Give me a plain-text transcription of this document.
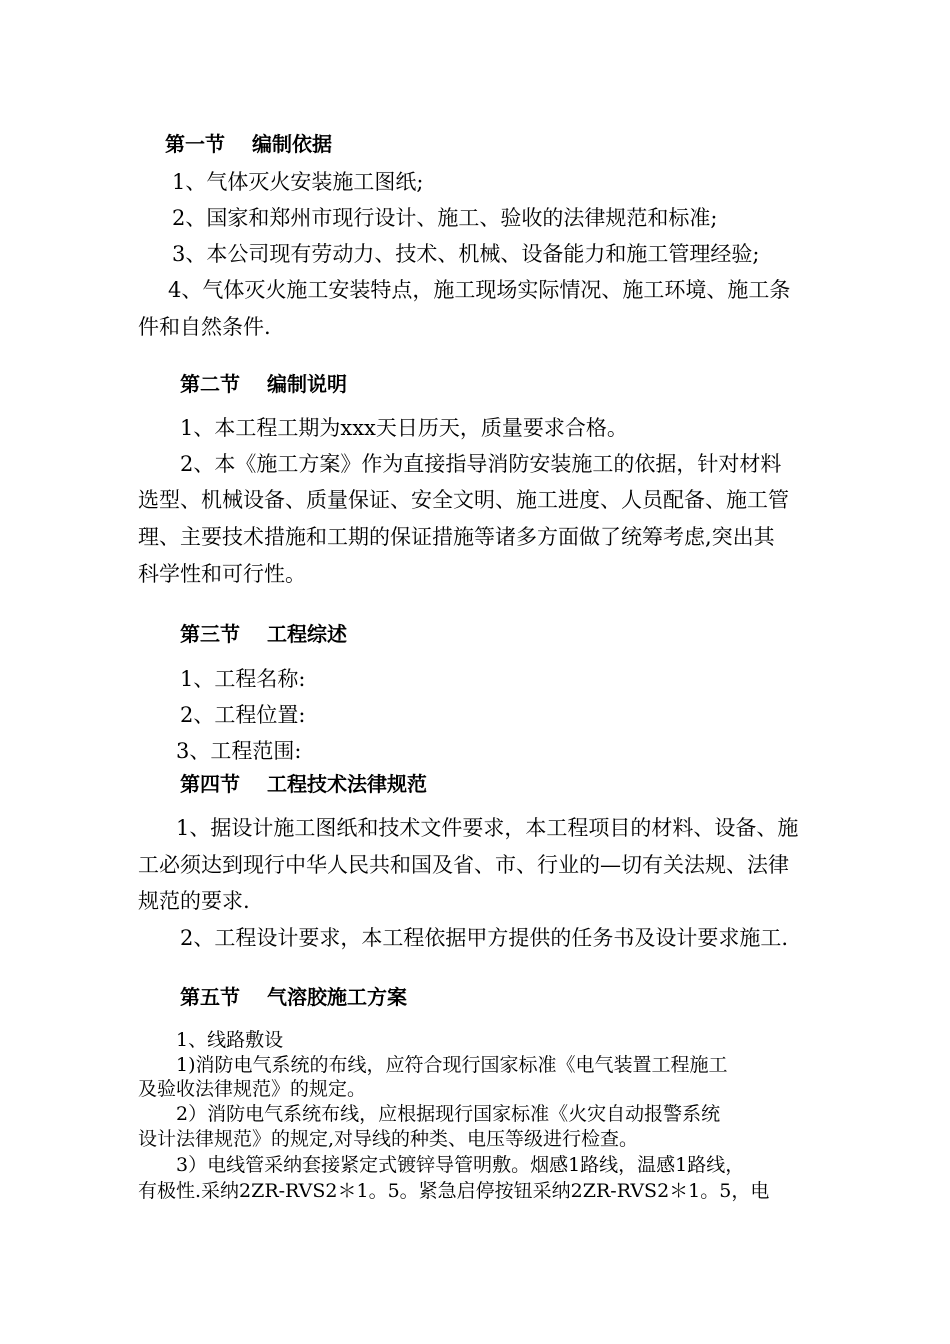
第一节　 编制依据
1、气体灭火安装施工图纸;
2、国家和郑州市现行设计、施工、验收的法律规范和标准;
3、本公司现有劳动力、技术、机械、设备能力和施工管理经验;
4、气体灭火施工安装特点，施工现场实际情况、施工环境、施工条
件和自然条件.
第二节　 编制说明
1、本工程工期为xxx天日历天，质量要求合格。
2、本《施工方案》作为直接指导消防安装施工的依据，针对材料
选型、机械设备、质量保证、安全文明、施工进度、人员配备、施工管
理、主要技术措施和工期的保证措施等诸多方面做了统筹考虑,突出其
科学性和可行性。
第三节　 工程综述
1、工程名称:
2、工程位置:
3、工程范围:
第四节　 工程技术法律规范
1、据设计施工图纸和技术文件要求，本工程项目的材料、设备、施
工必须达到现行中华人民共和国及省、市、行业的—切有关法规、法律
规范的要求.
2、工程设计要求，本工程依据甲方提供的任务书及设计要求施工.
第五节　 气溶胶施工方案
1、线路敷设
1)消防电气系统的布线，应符合现行国家标准《电气装置工程施工
及验收法律规范》的规定。
2）消防电气系统布线，应根据现行国家标准《火灾自动报警系统
设计法律规范》的规定,对导线的种类、电压等级进行检查。
3）电线管采纳套接紧定式镀锌导管明敷。烟感1路线，温感1路线，
有极性.采纳2ZR-RVS2＊1。5。紧急启停按钮采纳2ZR-RVS2＊1。5，电
